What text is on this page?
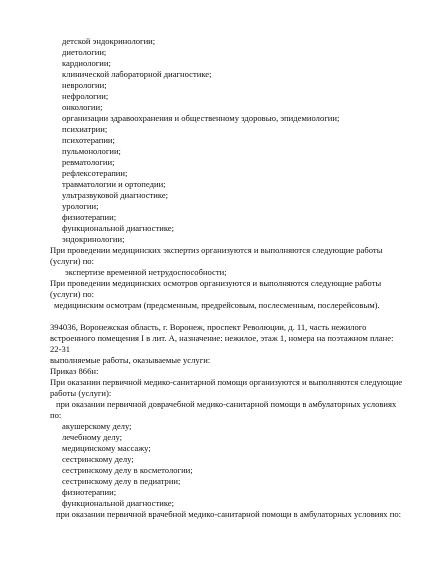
детской эндокринологии;
диетологии;
кардиологии;
клинической лабораторной диагностике;
неврологии;
нефрологии;
онкологии;
организации здравоохранения и общественному здоровью, эпидемиологии;
психиатрии;
психотерапии;
пульмонологии;
ревматологии;
рефлексотерапии;
травматологии и ортопедии;
ультразвуковой диагностике;
урологии;
физиотерапии;
функциональной диагностике;
эндокринологии;
При проведении медицинских экспертиз организуются и выполняются следующие работы
(услуги) по:
экспертизе временной нетрудоспособности;
При проведении медицинских осмотров организуются и выполняются следующие работы
(услуги) по:
медицинским осмотрам (предсменным, предрейсовым, послесменным, послерейсовым).
394036, Воронежская область, г. Воронеж, проспект Революции, д. 11, часть нежилого
встроенного помещения I в лит. А, назначение: нежилое, этаж 1, номера на поэтажном плане:
22-31
выполняемые работы, оказываемые услуги:
Приказ 866н:
При оказании первичной медико-санитарной помощи организуются и выполняются следующие
работы (услуги):
при оказании первичной доврачебной медико-санитарной помощи в амбулаторных условиях
по:
акушерскому делу;
лечебному делу;
медицинскому массажу;
сестринскому делу;
сестринскому делу в косметологии;
сестринскому делу в педиатрии;
физиотерапии;
функциональной диагностике;
при оказании первичной врачебной медико-санитарной помощи в амбулаторных условиях по:
